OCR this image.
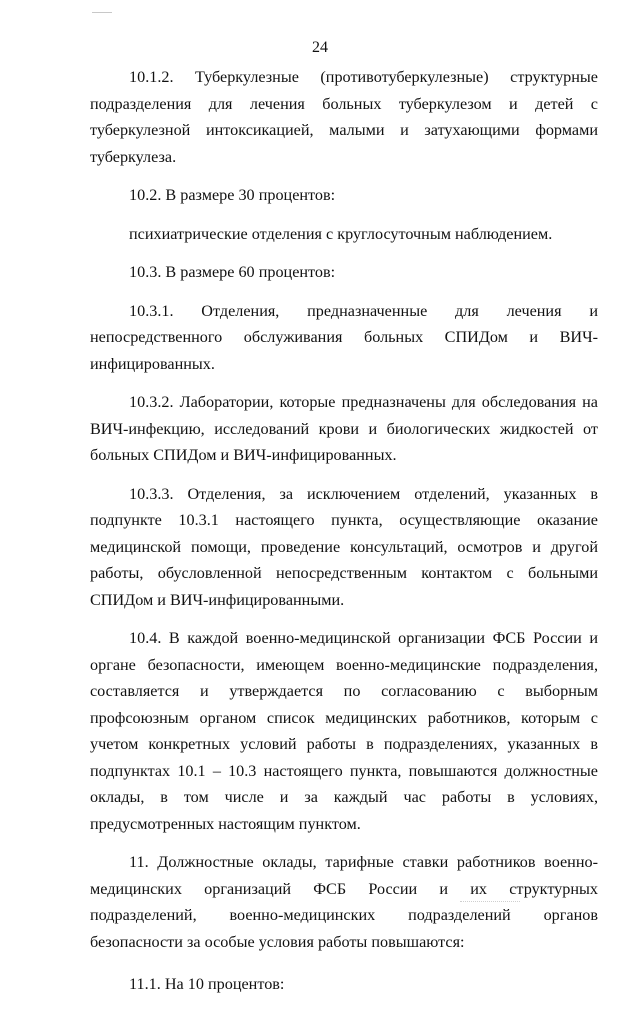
24

10.1.2. Туберкулезные (противотуберкулезные) структурные подразделения для лечения больных туберкулезом и детей с туберкулезной интоксикацией, малыми и затухающими формами туберкулеза.

10.2. В размере 30 процентов:

психиатрические отделения с круглосуточным наблюдением.

10.3. В размере 60 процентов:

10.3.1. Отделения, предназначенные для лечения и непосредственного обслуживания больных СПИДом и ВИЧ-инфицированных.

10.3.2. Лаборатории, которые предназначены для обследования на ВИЧ-инфекцию, исследований крови и биологических жидкостей от больных СПИДом и ВИЧ-инфицированных.

10.3.3. Отделения, за исключением отделений, указанных в подпункте 10.3.1 настоящего пункта, осуществляющие оказание медицинской помощи, проведение консультаций, осмотров и другой работы, обусловленной непосредственным контактом с больными СПИДом и ВИЧ-инфицированными.

10.4. В каждой военно-медицинской организации ФСБ России и органе безопасности, имеющем военно-медицинские подразделения, составляется и утверждается по согласованию с выборным профсоюзным органом список медицинских работников, которым с учетом конкретных условий работы в подразделениях, указанных в подпунктах 10.1 – 10.3 настоящего пункта, повышаются должностные оклады, в том числе и за каждый час работы в условиях, предусмотренных настоящим пунктом.

11. Должностные оклады, тарифные ставки работников военно-медицинских организаций ФСБ России и их структурных подразделений, военно-медицинских подразделений органов безопасности за особые условия работы повышаются:

11.1. На 10 процентов:
